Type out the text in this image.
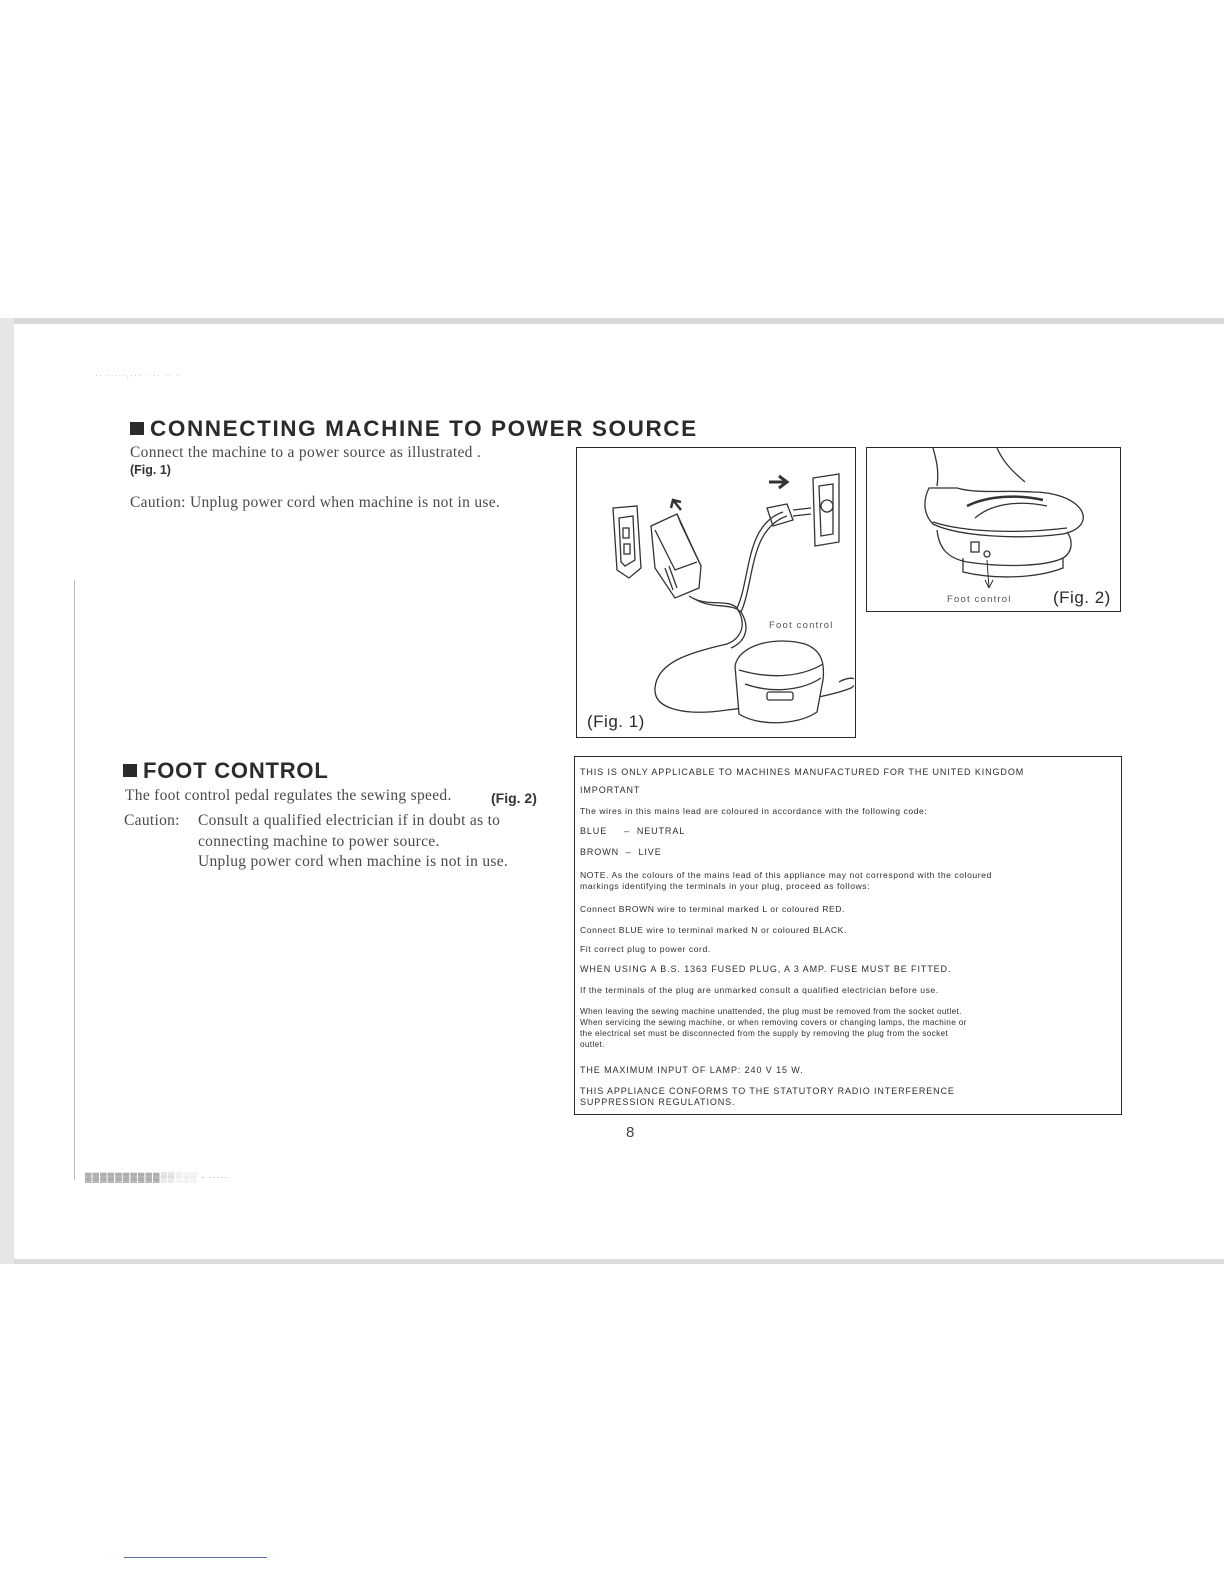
·· ·····,··· · ·· ·· ·
▓▓▓▓▓▓▓▓▓▓▒▒░░░ · ·····
CONNECTING MACHINE TO POWER SOURCE
Connect the machine to a power source as illustrated .
(Fig. 1)
Caution: Unplug power cord when machine is not in use.
FOOT CONTROL
The foot control pedal regulates the sewing speed.	(Fig. 2)
Caution: Consult a qualified electrician if in doubt as to
connecting machine to power source.
Unplug power cord when machine is not in use.
Foot control
(Fig. 1)
Foot control (Fig. 2)
THIS IS ONLY APPLICABLE TO MACHINES MANUFACTURED FOR THE UNITED KINGDOM
IMPORTANT
The wires in this mains lead are coloured in accordance with the following code:
BLUE     –  NEUTRAL
BROWN  –  LIVE
NOTE. As the colours of the mains lead of this appliance may not correspond with the coloured
markings identifying the terminals in your plug, proceed as follows:
Connect BROWN wire to terminal marked L or coloured RED.
Connect BLUE wire to terminal marked N or coloured BLACK.
Fit correct plug to power cord.
WHEN USING A B.S. 1363 FUSED PLUG, A 3 AMP. FUSE MUST BE FITTED.
If the terminals of the plug are unmarked consult a qualified electrician before use.
When leaving the sewing machine unattended, the plug must be removed from the socket outlet.
When servicing the sewing machine, or when removing covers or changing lamps, the machine or
the electrical set must be disconnected from the supply by removing the plug from the socket
outlet.
THE MAXIMUM INPUT OF LAMP: 240 V 15 W.
THIS APPLIANCE CONFORMS TO THE STATUTORY RADIO INTERFERENCE
SUPPRESSION REGULATIONS.
8
